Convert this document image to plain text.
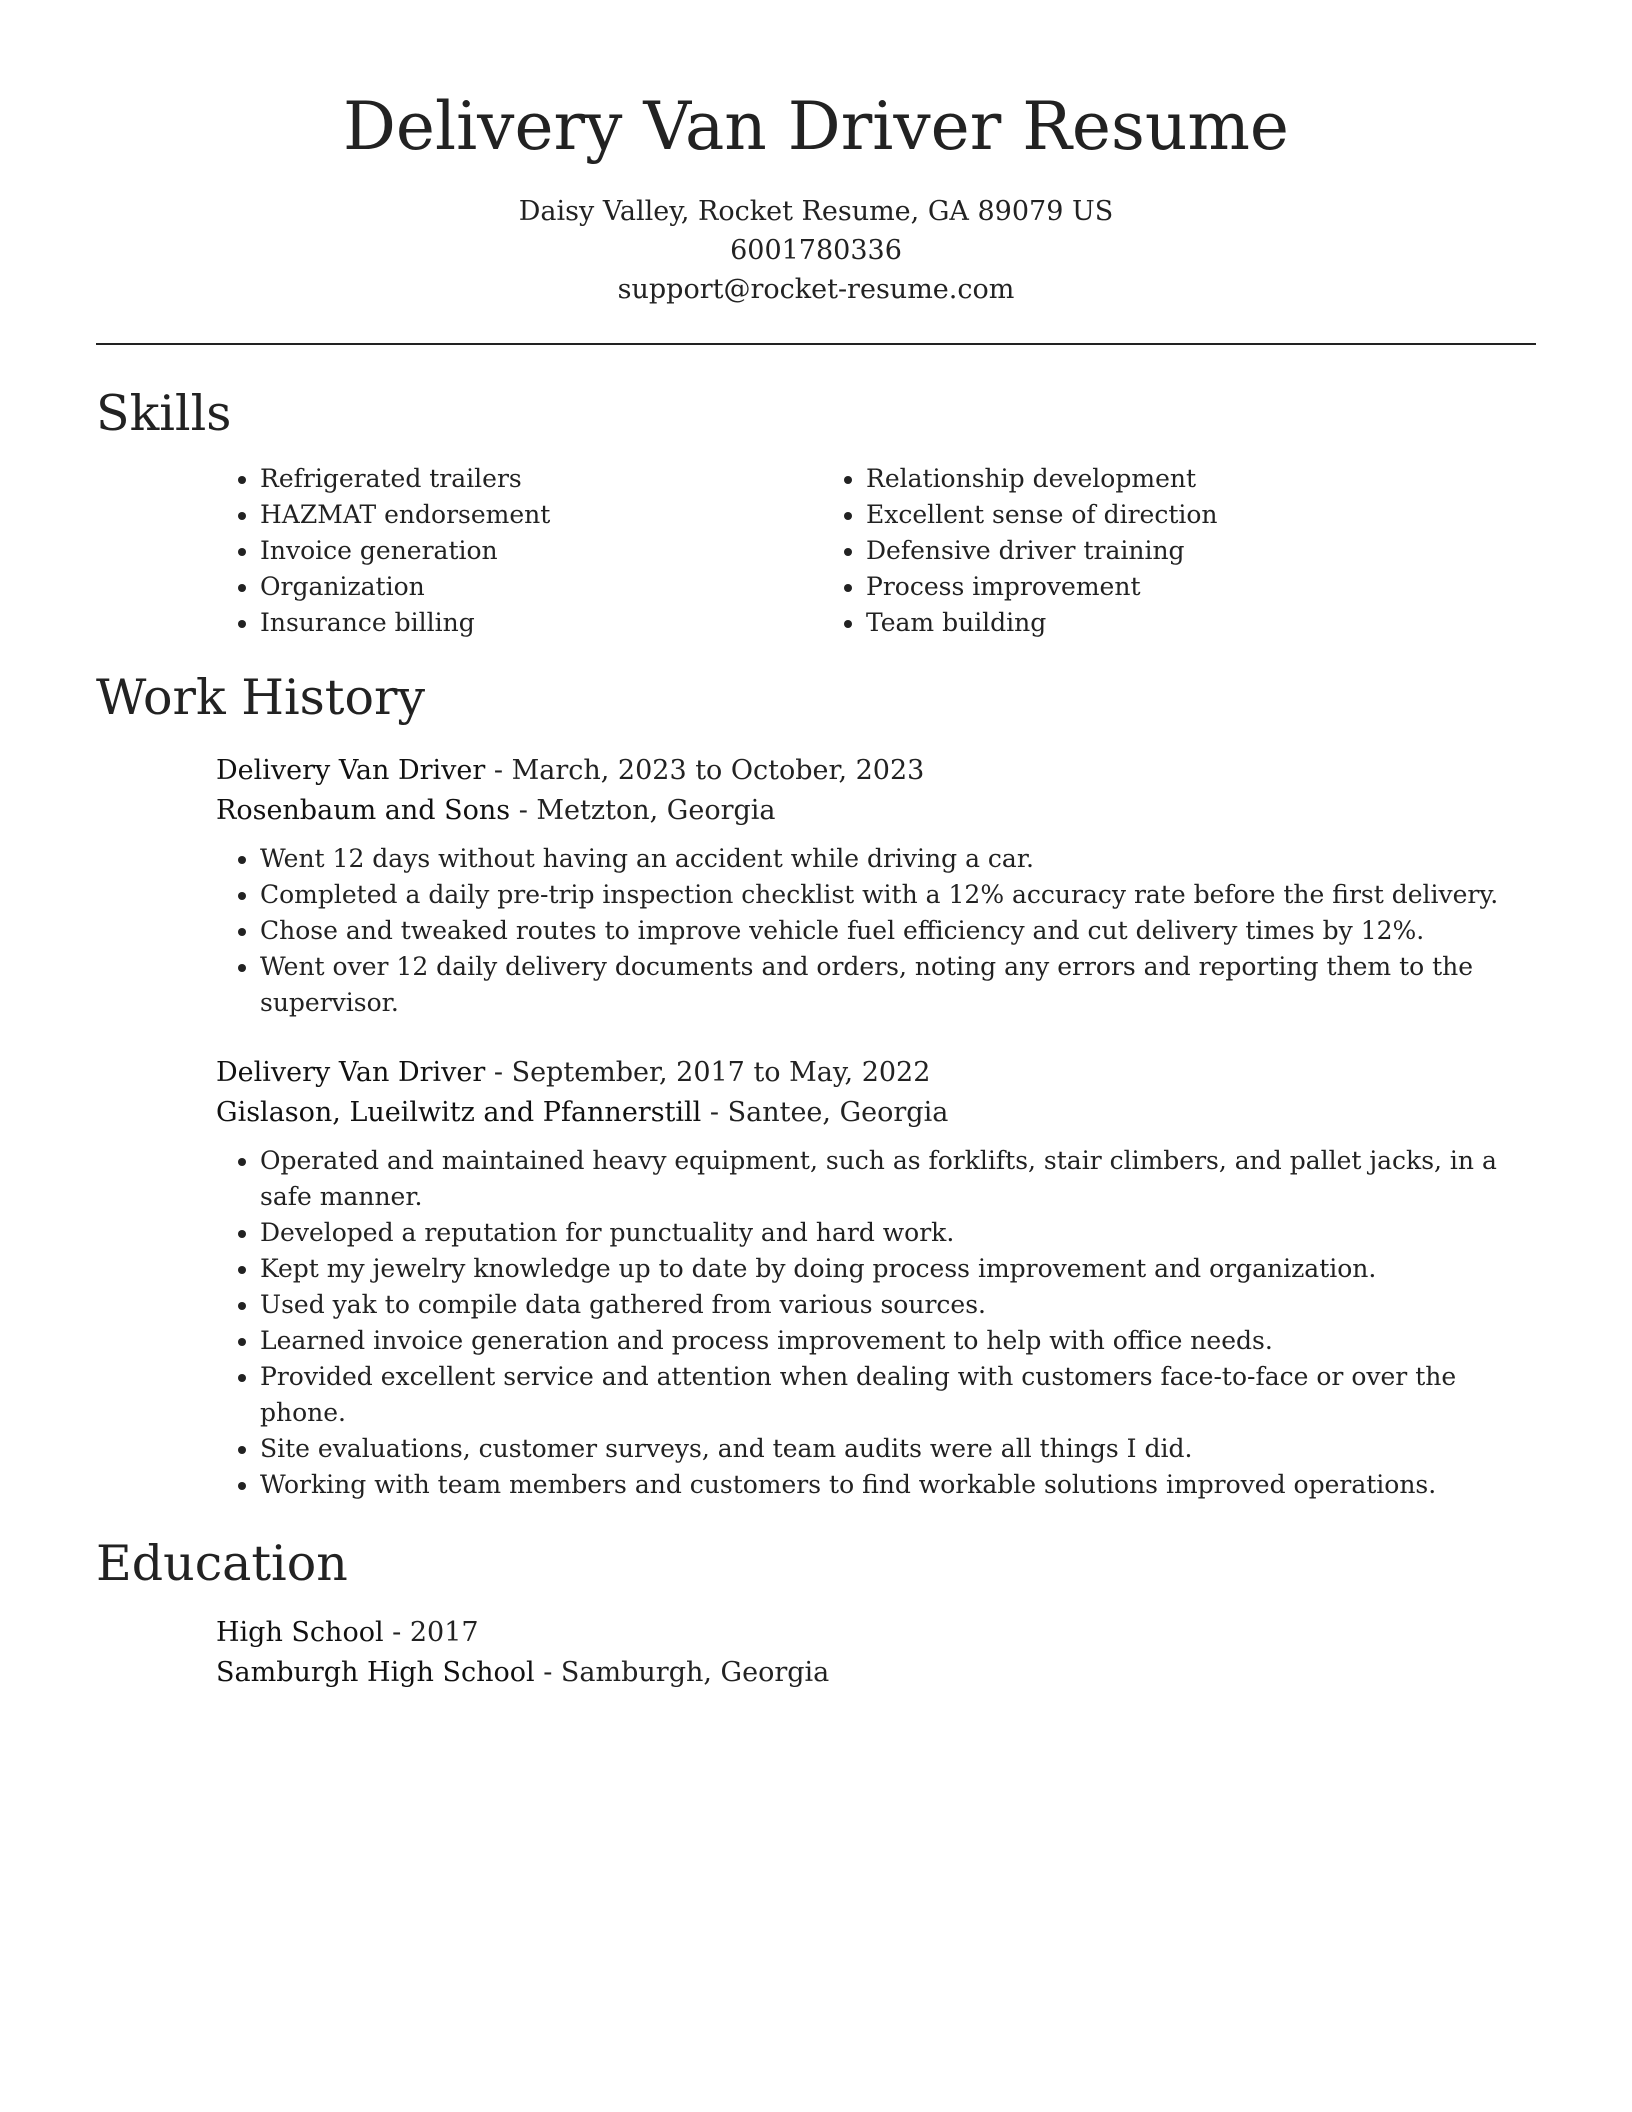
Delivery Van Driver Resume
Daisy Valley, Rocket Resume, GA 89079 US
6001780336
support@rocket-resume.com
Skills
• Refrigerated trailers
• HAZMAT endorsement
• Invoice generation
• Organization
• Insurance billing
• Relationship development
• Excellent sense of direction
• Defensive driver training
• Process improvement
• Team building
Work History
Delivery Van Driver - March, 2023 to October, 2023
Rosenbaum and Sons - Metzton, Georgia
• Went 12 days without having an accident while driving a car.
• Completed a daily pre-trip inspection checklist with a 12% accuracy rate before the first delivery.
• Chose and tweaked routes to improve vehicle fuel efficiency and cut delivery times by 12%.
• Went over 12 daily delivery documents and orders, noting any errors and reporting them to the supervisor.
Delivery Van Driver - September, 2017 to May, 2022
Gislason, Lueilwitz and Pfannerstill - Santee, Georgia
• Operated and maintained heavy equipment, such as forklifts, stair climbers, and pallet jacks, in a safe manner.
• Developed a reputation for punctuality and hard work.
• Kept my jewelry knowledge up to date by doing process improvement and organization.
• Used yak to compile data gathered from various sources.
• Learned invoice generation and process improvement to help with office needs.
• Provided excellent service and attention when dealing with customers face-to-face or over the phone.
• Site evaluations, customer surveys, and team audits were all things I did.
• Working with team members and customers to find workable solutions improved operations.
Education
High School - 2017
Samburgh High School - Samburgh, Georgia
